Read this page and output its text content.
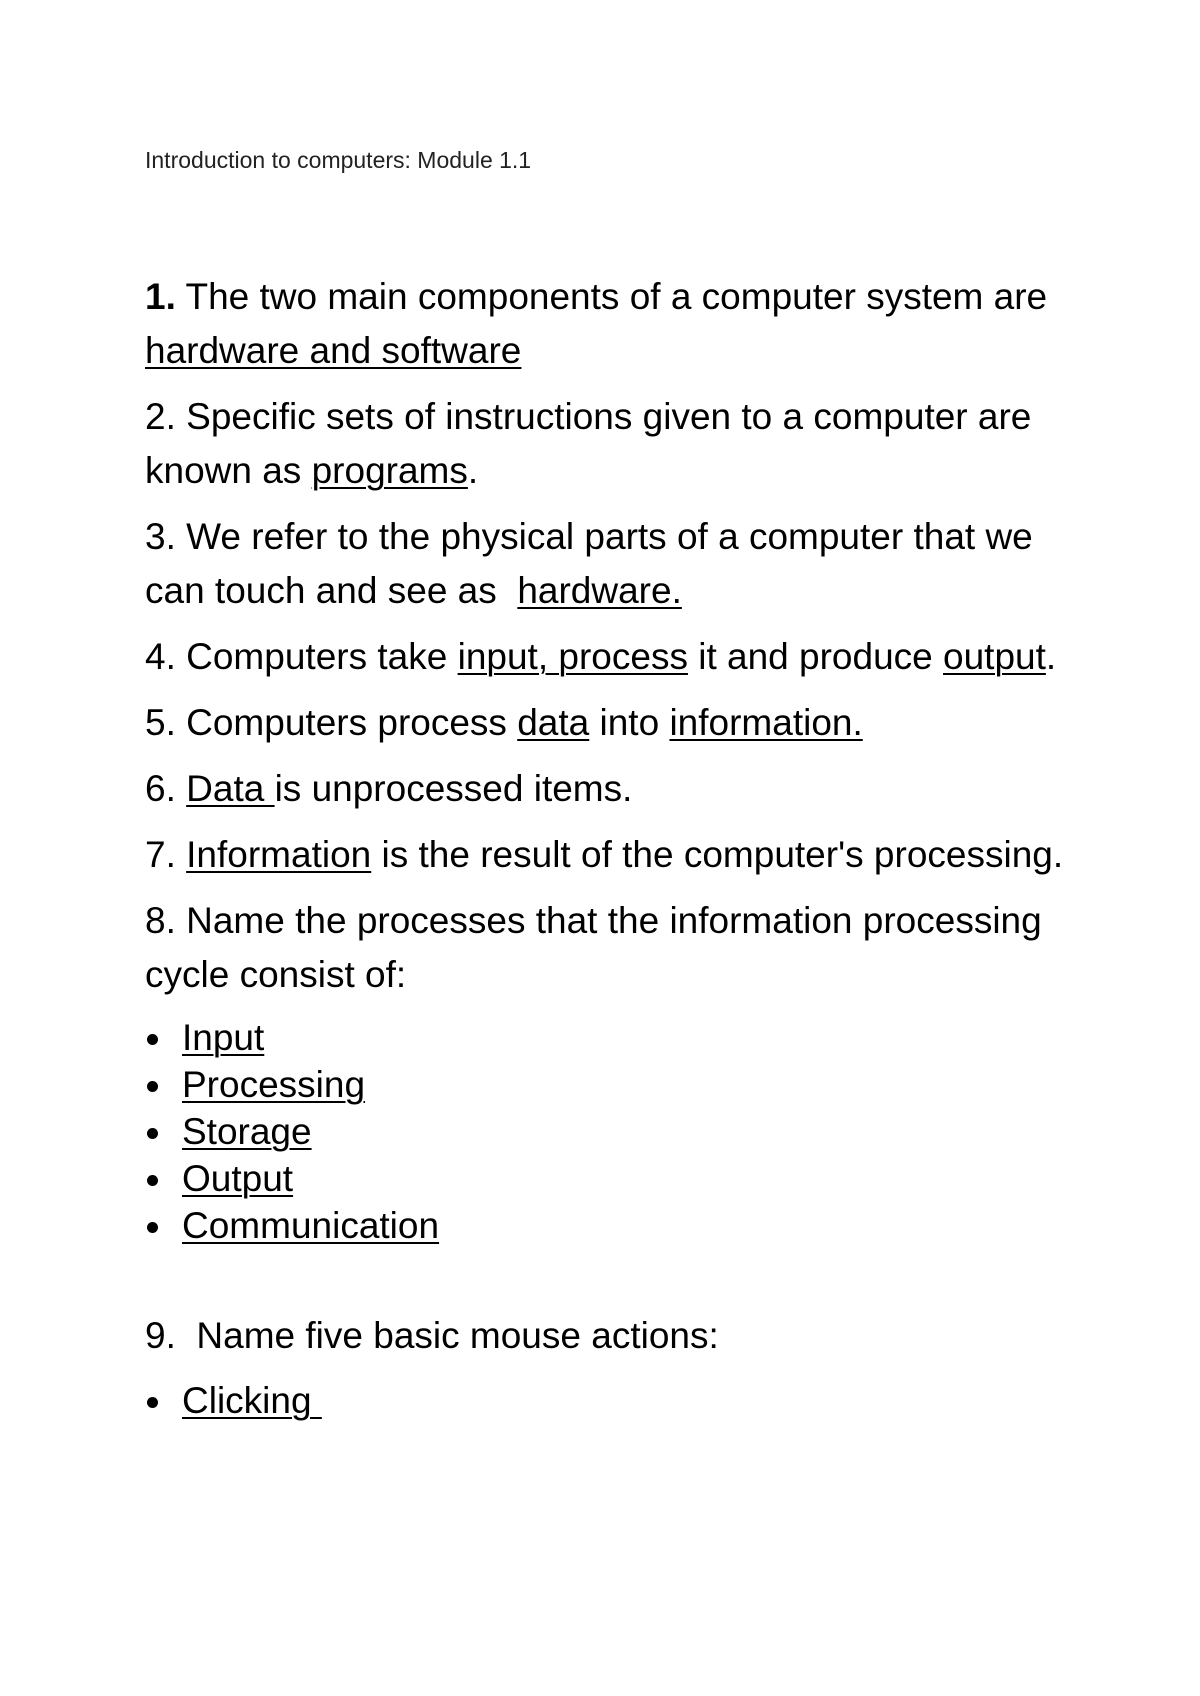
Introduction to computers: Module 1.1

1. The two main components of a computer system are hardware and software

2. Specific sets of instructions given to a computer are known as programs.

3. We refer to the physical parts of a computer that we can touch and see as  hardware.

4. Computers take input, process it and produce output.

5. Computers process data into information.

6. Data is unprocessed items.

7. Information is the result of the computer's processing.

8. Name the processes that the information processing cycle consist of:

Input
Processing
Storage
Output
Communication

9.  Name five basic mouse actions:

Clicking
